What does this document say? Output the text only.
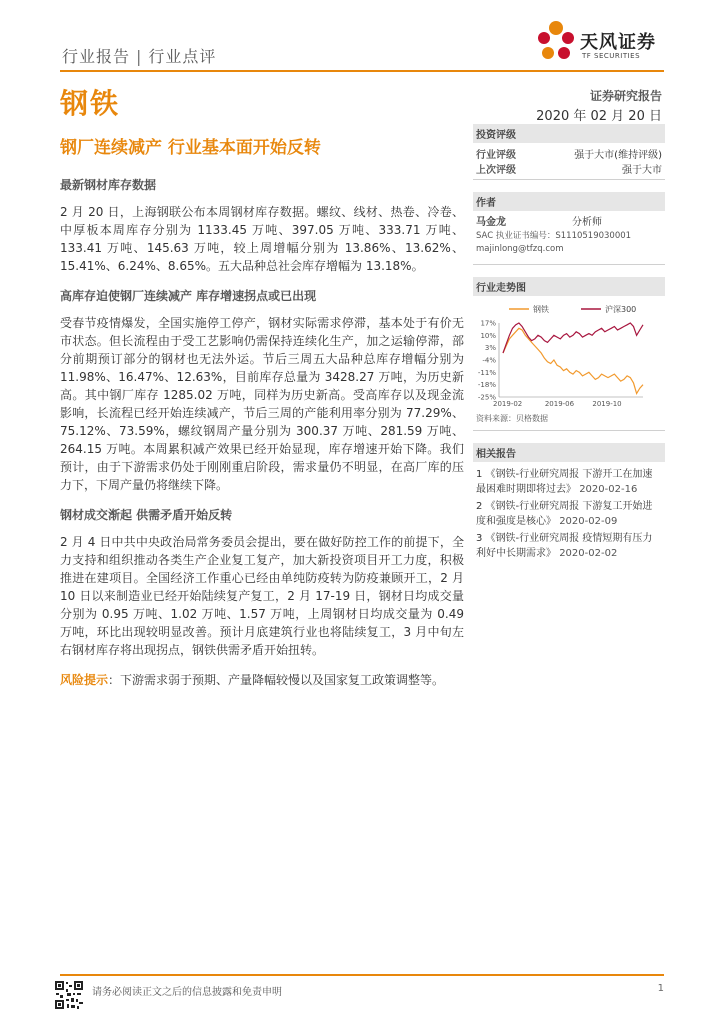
行业报告 | 行业点评
天风证券
TF SECURITIES
钢铁	证券研究报告
2020 年 02 月 20 日
钢厂连续减产 行业基本面开始反转
最新钢材库存数据

2 月 20 日，上海钢联公布本周钢材库存数据。螺纹、线材、热卷、冷卷、中厚板本周库存分别为 1133.45 万吨、397.05 万吨、333.71 万吨、133.41 万吨、145.63 万吨，较上周增幅分别为 13.86%、13.62%、15.41%、6.24%、8.65%。五大品种总社会库存增幅为 13.18%。

高库存迫使钢厂连续减产 库存增速拐点或已出现

受春节疫情爆发，全国实施停工停产，钢材实际需求停滞，基本处于有价无市状态。但长流程由于受工艺影响仍需保持连续化生产，加之运输停滞，部分前期预订部分的钢材也无法外运。节后三周五大品种总库存增幅分别为 11.98%、16.47%、12.63%，目前库存总量为 3428.27 万吨，为历史新高。其中钢厂库存 1285.02 万吨，同样为历史新高。受高库存以及现金流影响，长流程已经开始连续减产，节后三周的产能利用率分别为 77.29%、75.12%、73.59%，螺纹钢周产量分别为 300.37 万吨、281.59 万吨、264.15 万吨。本周累积减产效果已经开始显现，库存增速开始下降。我们预计，由于下游需求仍处于刚刚重启阶段，需求量仍不明显，在高厂库的压力下，下周产量仍将继续下降。

钢材成交渐起 供需矛盾开始反转

2 月 4 日中共中央政治局常务委员会提出，要在做好防控工作的前提下，全力支持和组织推动各类生产企业复工复产，加大新投资项目开工力度，积极推进在建项目。全国经济工作重心已经由单纯防疫转为防疫兼顾开工，2 月 10 日以来制造业已经开始陆续复产复工，2 月 17-19 日，钢材日均成交量分别为 0.95 万吨、1.02 万吨、1.57 万吨，上周钢材日均成交量为 0.49 万吨，环比出现较明显改善。预计月底建筑行业也将陆续复工，3 月中旬左右钢材库存将出现拐点，钢铁供需矛盾开始扭转。

风险提示：下游需求弱于预期、产量降幅较慢以及国家复工政策调整等。

投资评级
行业评级	强于大市(维持评级)
上次评级	强于大市
作者
马金龙	分析师
SAC 执业证书编号：S1110519030001
majinlong@tfzq.com
行业走势图
钢铁	沪深300
17%
10%
3%
-4%
-11%
-18%
-25%
2019-02	2019-06	2019-10
资料来源：贝格数据
相关报告
1 《钢铁-行业研究周报 下游开工在加速 最困难时期即将过去》 2020-02-16
2 《钢铁-行业研究周报 下游复工开始进度和强度是核心》 2020-02-09
3 《钢铁-行业研究周报 疫情短期有压力 利好中长期需求》 2020-02-02
请务必阅读正文之后的信息披露和免责申明	1
